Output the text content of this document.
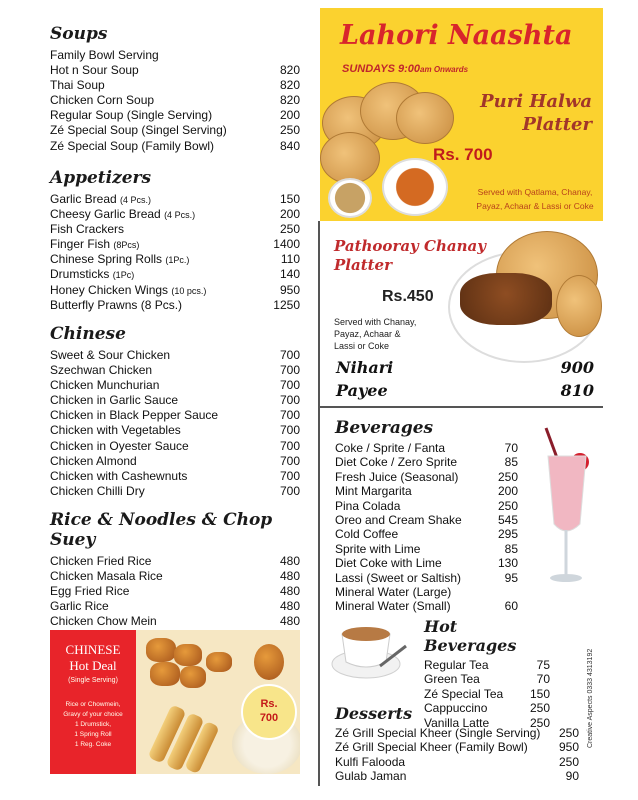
Soups
Family Bowl Serving
Hot n Sour Soup	820
Thai Soup	820
Chicken Corn Soup	820
Regular Soup (Single Serving)	200
Zé Special Soup (Singel Serving)	250
Zé Special Soup (Family Bowl)	840
Appetizers
Garlic Bread (4 Pcs.)	150
Cheesy Garlic Bread (4 Pcs.)	200
Fish Crackers	250
Finger Fish (8Pcs)	1400
Chinese Spring Rolls (1Pc.)	110
Drumsticks (1Pc)	140
Honey Chicken Wings (10 pcs.)	950
Butterfly Prawns (8 Pcs.)	1250
Chinese
Sweet & Sour Chicken	700
Szechwan Chicken	700
Chicken Munchurian	700
Chicken in Garlic Sauce	700
Chicken in Black Pepper Sauce	700
Chicken with Vegetables	700
Chicken in Oyester Sauce	700
Chicken Almond	700
Chicken with Cashewnuts	700
Chicken Chilli Dry	700
Rice & Noodles & Chop Suey
Chicken Fried Rice	480
Chicken Masala Rice	480
Egg Fried Rice	480
Garlic Rice	480
Chicken Chow Mein	480
CHINESE
Hot Deal
(Single Serving)
Rice or Chowmein,
Gravy of your choice
1 Drumstick,
1 Spring Roll
1 Reg. Coke
Rs.
700
Lahori Naashta
SUNDAYS 9:00am Onwards
Puri Halwa
Platter
Rs. 700
Served with Qatlama, Chanay,
Payaz, Achaar & Lassi or Coke
Pathooray Chanay
Platter
Rs.450
Served with Chanay,
Payaz, Achaar &
Lassi or Coke
Nihari	900
Payee	810
Beverages
Coke / Sprite / Fanta	70
Diet Coke / Zero Sprite	85
Fresh Juice (Seasonal)	250
Mint Margarita	200
Pina Colada	250
Oreo and Cream Shake	545
Cold Coffee	295
Sprite with Lime	85
Diet Coke with Lime	130
Lassi (Sweet or Saltish)	95
Mineral Water (Large)
Mineral Water (Small)	60
Hot Beverages
Regular Tea	75
Green Tea	70
Zé Special Tea 150
Cappuccino	250
Vanilla Latte	250
Desserts
Zé Grill Special Kheer (Single Serving) 250
Zé Grill Special Kheer (Family Bowl)	950
Kulfi Falooda	250
Gulab Jaman	90
Creative Aspects 0333 4313192
